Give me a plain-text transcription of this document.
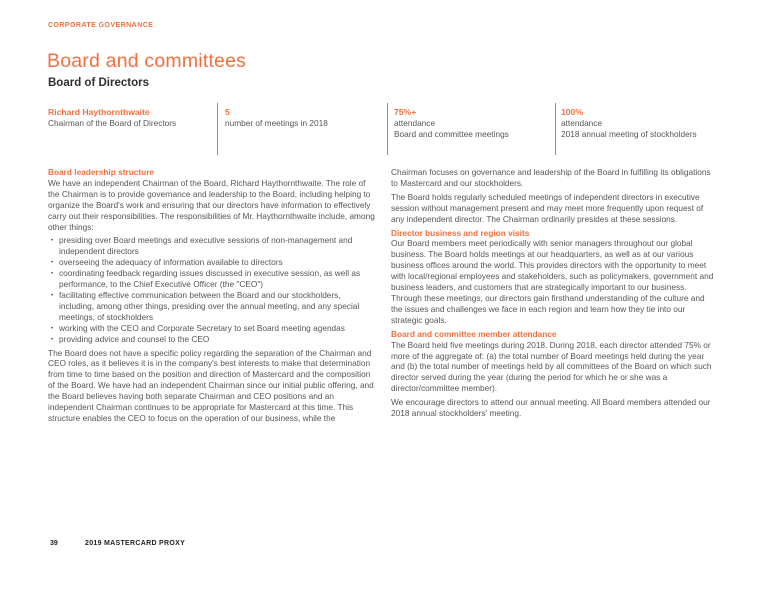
CORPORATE GOVERNANCE
Board and committees
Board of Directors
Richard Haythornthwaite
Chairman of the Board of Directors
5
number of meetings in 2018
75%+
attendance
Board and committee meetings
100%
attendance
2018 annual meeting of stockholders
Board leadership structure

We have an independent Chairman of the Board, Richard Haythornthwaite. The role of the Chairman is to provide governance and leadership to the Board, including helping to organize the Board's work and ensuring that our directors have information to effectively carry out their responsibilities. The responsibilities of Mr. Haythornthwaite include, among other things:

• presiding over Board meetings and executive sessions of non-management and independent directors
• overseeing the adequacy of information available to directors
• coordinating feedback regarding issues discussed in executive session, as well as performance, to the Chief Executive Officer (the "CEO")
• facilitating effective communication between the Board and our stockholders, including, among other things, presiding over the annual meeting, and any special meetings, of stockholders
• working with the CEO and Corporate Secretary to set Board meeting agendas
• providing advice and counsel to the CEO

The Board does not have a specific policy regarding the separation of the Chairman and CEO roles, as it believes it is in the company's best interests to make that determination from time to time based on the position and direction of Mastercard and the composition of the Board. We have had an independent Chairman since our initial public offering, and the Board believes having both separate Chairman and CEO positions and an independent Chairman continues to be appropriate for Mastercard at this time. This structure enables the CEO to focus on the operation of our business, while the

Chairman focuses on governance and leadership of the Board in fulfilling its obligations to Mastercard and our stockholders.

The Board holds regularly scheduled meetings of independent directors in executive session without management present and may meet more frequently upon request of any independent director. The Chairman ordinarily presides at these sessions.

Director business and region visits

Our Board members meet periodically with senior managers throughout our global business. The Board holds meetings at our headquarters, as well as at our various business offices around the world. This provides directors with the opportunity to meet with local/regional employees and stakeholders, such as policymakers, government and business leaders, and customers that are strategically important to our business. Through these meetings, our directors gain firsthand understanding of the culture and the issues and challenges we face in each region and learn how they tie into our strategic goals.

Board and committee member attendance

The Board held five meetings during 2018. During 2018, each director attended 75% or more of the aggregate of: (a) the total number of Board meetings held during the year and (b) the total number of meetings held by all committees of the Board on which such director served during the year (during the period for which he or she was a director/committee member).

We encourage directors to attend our annual meeting. All Board members attended our 2018 annual stockholders' meeting.

39	2019 MASTERCARD PROXY
